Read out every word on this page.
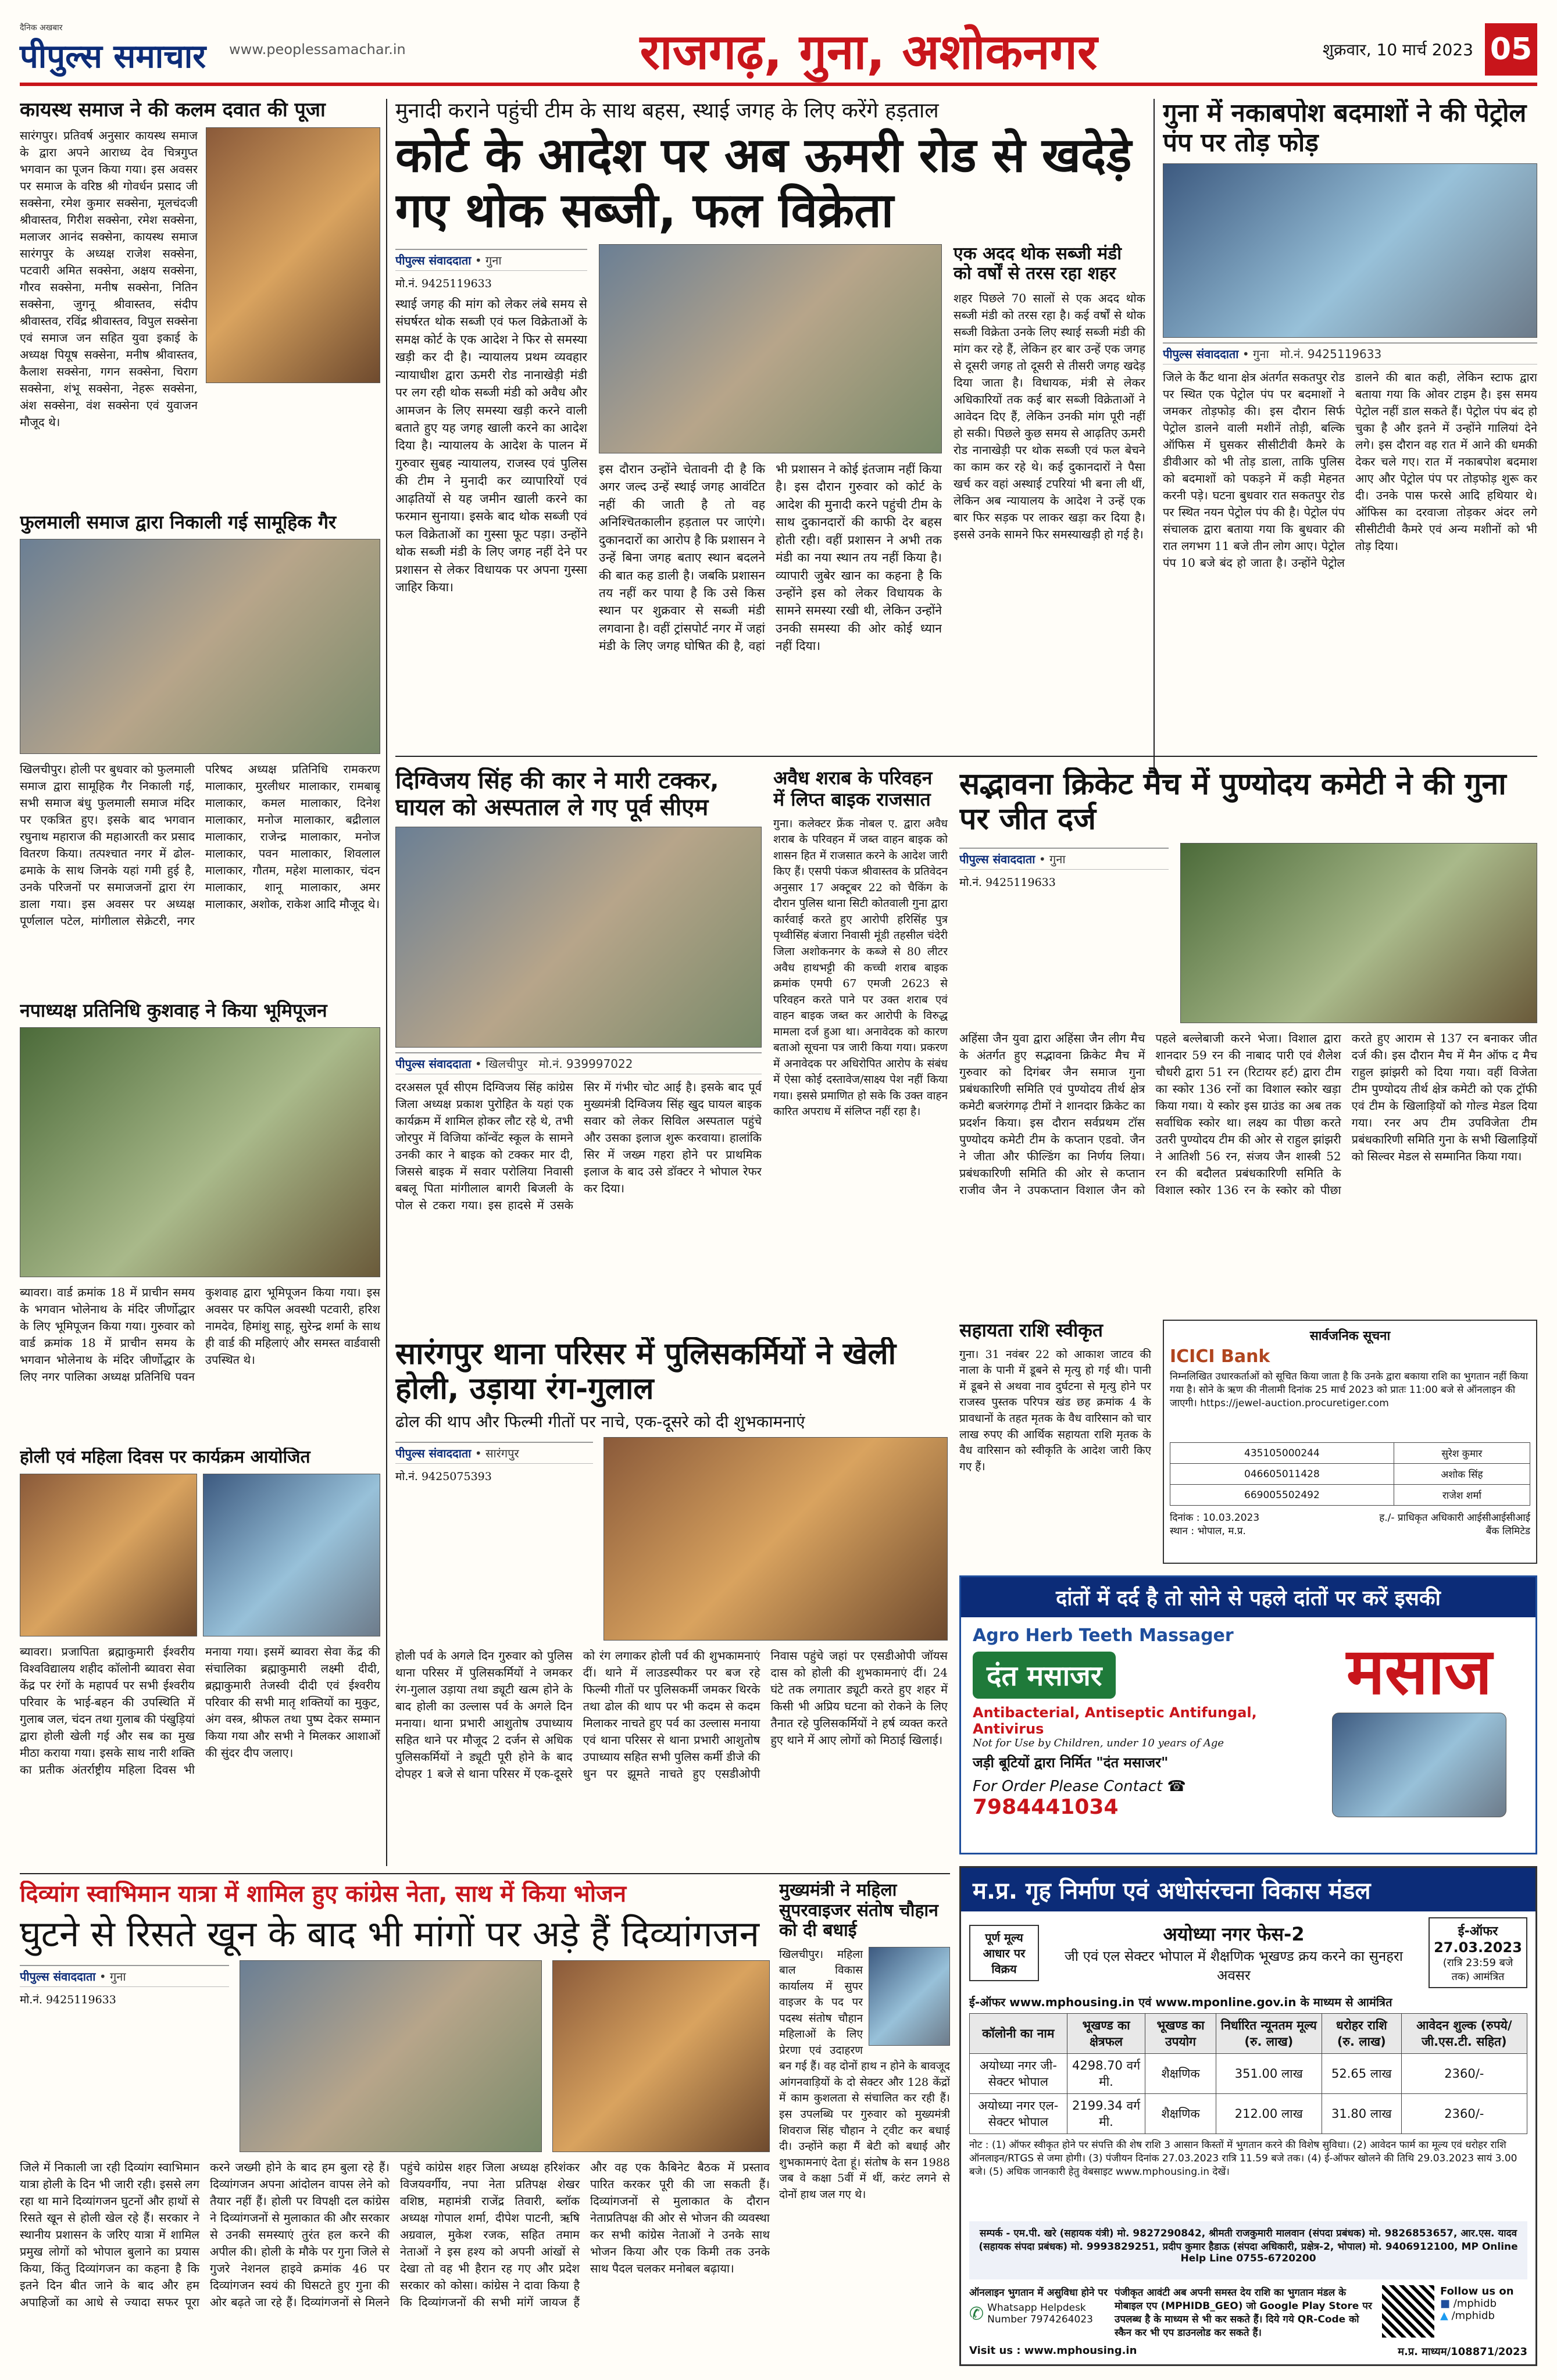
दैनिक अखबार
पीपुल्स समाचार	www.peoplessamachar.in	राजगढ़, गुना, अशोकनगर	शुक्रवार, 10 मार्च 2023 05
कायस्थ समाज ने की कलम दवात की पूजा

सारंगपुर। प्रतिवर्ष अनुसार कायस्थ समाज के द्वारा अपने आराध्य देव चित्रगुप्त भगवान का पूजन किया गया। इस अवसर पर समाज के वरिष्ठ श्री गोवर्धन प्रसाद जी सक्सेना, रमेश कुमार सक्सेना, मूलचंदजी श्रीवास्तव, गिरीश सक्सेना, रमेश सक्सेना, मलाजर आनंद सक्सेना, कायस्थ समाज सारंगपुर के अध्यक्ष राजेश सक्सेना, पटवारी अमित सक्सेना, अक्षय सक्सेना, गौरव सक्सेना, मनीष सक्सेना, नितिन सक्सेना, जुगनू श्रीवास्तव, संदीप श्रीवास्तव, रविंद्र श्रीवास्तव, विपुल सक्सेना एवं समाज जन सहित युवा इकाई के अध्यक्ष पियूष सक्सेना, मनीष श्रीवास्तव, कैलाश सक्सेना, गगन सक्सेना, चिराग सक्सेना, शंभू सक्सेना, नेहरू सक्सेना, अंश सक्सेना, वंश सक्सेना एवं युवाजन मौजूद थे।

फुलमाली समाज द्वारा निकाली गई सामूहिक गैर

खिलचीपुर। होली पर बुधवार को फुलमाली समाज द्वारा सामूहिक गैर निकाली गई, सभी समाज बंधु फुलमाली समाज मंदिर पर एकत्रित हुए। इसके बाद भगवान रघुनाथ महाराज की महाआरती कर प्रसाद वितरण किया। तत्पश्चात नगर में ढोल-ढमाके के साथ जिनके यहां गमी हुई है, उनके परिजनों पर समाजजनों द्वारा रंग डाला गया। इस अवसर पर अध्यक्ष पूर्णलाल पटेल, मांगीलाल सेक्रेटरी, नगर परिषद अध्यक्ष प्रतिनिधि रामकरण मालाकार, मुरलीधर मालाकार, रामबाबू मालाकार, कमल मालाकार, दिनेश मालाकार, मनोज मालाकार, बद्रीलाल मालाकार, राजेन्द्र मालाकार, मनोज मालाकार, पवन मालाकार, शिवलाल मालाकार, गौतम, महेश मालाकार, चंदन मालाकार, शानू मालाकार, अमर मालाकार, अशोक, राकेश आदि मौजूद थे।

नपाध्यक्ष प्रतिनिधि कुशवाह ने किया भूमिपूजन

ब्यावरा। वार्ड क्रमांक 18 में प्राचीन समय के भगवान भोलेनाथ के मंदिर जीर्णोद्धार के लिए भूमिपूजन किया गया। गुरुवार को वार्ड क्रमांक 18 में प्राचीन समय के भगवान भोलेनाथ के मंदिर जीर्णोद्धार के लिए नगर पालिका अध्यक्ष प्रतिनिधि पवन कुशवाह द्वारा भूमिपूजन किया गया। इस अवसर पर कपिल अवस्थी पटवारी, हरिश नामदेव, हिमांशु साहू, सुरेन्द्र शर्मा के साथ ही वार्ड की महिलाएं और समस्त वार्डवासी उपस्थित थे।

होली एवं महिला दिवस पर कार्यक्रम आयोजित

ब्यावरा। प्रजापिता ब्रह्माकुमारी ईश्वरीय विश्वविद्यालय शहीद कॉलोनी ब्यावरा सेवा केंद्र पर रंगों के महापर्व पर सभी ईश्वरीय परिवार के भाई-बहन की उपस्थिति में गुलाब जल, चंदन तथा गुलाब की पंखुड़ियां द्वारा होली खेली गई और सब का मुख मीठा कराया गया। इसके साथ नारी शक्ति का प्रतीक अंतर्राष्ट्रीय महिला दिवस भी मनाया गया। इसमें ब्यावरा सेवा केंद्र की संचालिका ब्रह्माकुमारी लक्ष्मी दीदी, ब्रह्माकुमारी तेजस्वी दीदी एवं ईश्वरीय परिवार की सभी मातृ शक्तियों का मुकुट, अंग वस्त्र, श्रीफल तथा पुष्प देकर सम्मान किया गया और सभी ने मिलकर आशाओं की सुंदर दीप जलाए।

मुनादी कराने पहुंची टीम के साथ बहस, स्थाई जगह के लिए करेंगे हड़ताल
कोर्ट के आदेश पर अब ऊमरी रोड से खदेड़े गए थोक सब्जी, फल विक्रेता
पीपुल्स संवाददाता • गुना
मो.नं. 9425119633

स्थाई जगह की मांग को लेकर लंबे समय से संघर्षरत थोक सब्जी एवं फल विक्रेताओं के समक्ष कोर्ट के एक आदेश ने फिर से समस्या खड़ी कर दी है। न्यायालय प्रथम व्यवहार न्यायाधीश द्वारा ऊमरी रोड नानाखेड़ी मंडी पर लग रही थोक सब्जी मंडी को अवैध और आमजन के लिए समस्या खड़ी करने वाली बताते हुए यह जगह खाली करने का आदेश दिया है। न्यायालय के आदेश के पालन में गुरुवार सुबह न्यायालय, राजस्व एवं पुलिस की टीम ने मुनादी कर व्यापारियों एवं आढ़तियों से यह जमीन खाली करने का फरमान सुनाया। इसके बाद थोक सब्जी एवं फल विक्रेताओं का गुस्सा फूट पड़ा। उन्होंने थोक सब्जी मंडी के लिए जगह नहीं देने पर प्रशासन से लेकर विधायक पर अपना गुस्सा जाहिर किया।

इस दौरान उन्होंने चेतावनी दी है कि अगर जल्द उन्हें स्थाई जगह आवंटित नहीं की जाती है तो वह अनिश्चितकालीन हड़ताल पर जाएंगे। दुकानदारों का आरोप है कि प्रशासन ने उन्हें बिना जगह बताए स्थान बदलने की बात कह डाली है। जबकि प्रशासन तय नहीं कर पाया है कि उसे किस स्थान पर शुक्रवार से सब्जी मंडी लगवाना है। वहीं ट्रांसपोर्ट नगर में जहां मंडी के लिए जगह घोषित की है, वहां भी प्रशासन ने कोई इंतजाम नहीं किया है। इस दौरान गुरुवार को कोर्ट के आदेश की मुनादी करने पहुंची टीम के साथ दुकानदारों की काफी देर बहस होती रही। वहीं प्रशासन ने अभी तक मंडी का नया स्थान तय नहीं किया है। व्यापारी जुबेर खान का कहना है कि उन्होंने इस को लेकर विधायक के सामने समस्या रखी थी, लेकिन उन्होंने उनकी समस्या की ओर कोई ध्यान नहीं दिया।

एक अदद थोक सब्जी मंडी को वर्षों से तरस रहा शहर

शहर पिछले 70 सालों से एक अदद थोक सब्जी मंडी को तरस रहा है। कई वर्षों से थोक सब्जी विक्रेता उनके लिए स्थाई सब्जी मंडी की मांग कर रहे हैं, लेकिन हर बार उन्हें एक जगह से दूसरी जगह तो दूसरी से तीसरी जगह खदेड़ दिया जाता है। विधायक, मंत्री से लेकर अधिकारियों तक कई बार सब्जी विक्रेताओं ने आवेदन दिए हैं, लेकिन उनकी मांग पूरी नहीं हो सकी। पिछले कुछ समय से आढ़तिए ऊमरी रोड नानाखेड़ी पर थोक सब्जी एवं फल बेचने का काम कर रहे थे। कई दुकानदारों ने पैसा खर्च कर वहां अस्थाई टपरियां भी बना ली थीं, लेकिन अब न्यायालय के आदेश ने उन्हें एक बार फिर सड़क पर लाकर खड़ा कर दिया है। इससे उनके सामने फिर समस्याखड़ी हो गई है।

गुना में नकाबपोश बदमाशों ने की पेट्रोल पंप पर तोड़ फोड़
पीपुल्स संवाददाता • गुना मो.नं. 9425119633

जिले के कैंट थाना क्षेत्र अंतर्गत सकतपुर रोड पर स्थित एक पेट्रोल पंप पर बदमाशों ने जमकर तोड़फोड़ की। इस दौरान सिर्फ पेट्रोल डालने वाली मशीनें तोड़ी, बल्कि ऑफिस में घुसकर सीसीटीवी कैमरे के डीवीआर को भी तोड़ डाला, ताकि पुलिस को बदमाशों को पकड़ने में कड़ी मेहनत करनी पड़े। घटना बुधवार रात सकतपुर रोड पर स्थित नयन पेट्रोल पंप की है। पेट्रोल पंप संचालक द्वारा बताया गया कि बुधवार की रात लगभग 11 बजे तीन लोग आए। पेट्रोल पंप 10 बजे बंद हो जाता है। उन्होंने पेट्रोल डालने की बात कही, लेकिन स्टाफ द्वारा बताया गया कि ओवर टाइम है। इस समय पेट्रोल नहीं डाल सकते हैं। पेट्रोल पंप बंद हो चुका है और इतने में उन्होंने गालियां देने लगे। इस दौरान वह रात में आने की धमकी देकर चले गए। रात में नकाबपोश बदमाश आए और पेट्रोल पंप पर तोड़फोड़ शुरू कर दी। उनके पास फरसे आदि हथियार थे। ऑफिस का दरवाजा तोड़कर अंदर लगे सीसीटीवी कैमरे एवं अन्य मशीनों को भी तोड़ दिया।

दिग्विजय सिंह की कार ने मारी टक्कर, घायल को अस्पताल ले गए पूर्व सीएम
पीपुल्स संवाददाता • खिलचीपुर मो.नं. 939997022

दरअसल पूर्व सीएम दिग्विजय सिंह कांग्रेस जिला अध्यक्ष प्रकाश पुरोहित के यहां एक कार्यक्रम में शामिल होकर लौट रहे थे, तभी जोरपुर में विजिया कॉन्वेंट स्कूल के सामने उनकी कार ने बाइक को टक्कर मार दी, जिससे बाइक में सवार परोलिया निवासी बबलू पिता मांगीलाल बागरी बिजली के पोल से टकरा गया। इस हादसे में उसके सिर में गंभीर चोट आई है। इसके बाद पूर्व मुख्यमंत्री दिग्विजय सिंह खुद घायल बाइक सवार को लेकर सिविल अस्पताल पहुंचे और उसका इलाज शुरू करवाया। हालांकि सिर में जख्म गहरा होने पर प्राथमिक इलाज के बाद उसे डॉक्टर ने भोपाल रेफर कर दिया।

अवैध शराब के परिवहन में लिप्त बाइक राजसात

गुना। कलेक्टर फ्रेंक नोबल ए. द्वारा अवैध शराब के परिवहन में जब्त वाहन बाइक को शासन हित में राजसात करने के आदेश जारी किए हैं। एसपी पंकज श्रीवास्तव के प्रतिवेदन अनुसार 17 अक्टूबर 22 को चैकिंग के दौरान पुलिस थाना सिटी कोतवाली गुना द्वारा कार्रवाई करते हुए आरोपी हरिसिंह पुत्र पृथ्वीसिंह बंजारा निवासी मूंडी तहसील चंदेरी जिला अशोकनगर के कब्जे से 80 लीटर अवैध हाथभट्टी की कच्ची शराब बाइक क्रमांक एमपी 67 एमजी 2623 से परिवहन करते पाने पर उक्त शराब एवं वाहन बाइक जब्त कर आरोपी के विरुद्ध मामला दर्ज हुआ था। अनावेदक को कारण बताओ सूचना पत्र जारी किया गया। प्रकरण में अनावेदक पर अधिरोपित आरोप के संबंध में ऐसा कोई दस्तावेज/साक्ष्य पेश नहीं किया गया। इससे प्रमाणित हो सके कि उक्त वाहन कारित अपराध में संलिप्त नहीं रहा है।

सद्भावना क्रिकेट मैच में पुण्योदय कमेटी ने की गुना पर जीत दर्ज
पीपुल्स संवाददाता • गुना
मो.नं. 9425119633

अहिंसा जैन युवा द्वारा अहिंसा जैन लीग मैच के अंतर्गत हुए सद्भावना क्रिकेट मैच में गुरुवार को दिगंबर जैन समाज गुना प्रबंधकारिणी समिति एवं पुण्योदय तीर्थ क्षेत्र कमेटी बजरंगगढ़ टीमों ने शानदार क्रिकेट का प्रदर्शन किया। इस दौरान सर्वप्रथम टॉस पुण्योदय कमेटी टीम के कप्तान एडवो. जैन ने जीता और फील्डिंग का निर्णय लिया। प्रबंधकारिणी समिति की ओर से कप्तान राजीव जैन ने उपकप्तान विशाल जैन को पहले बल्लेबाजी करने भेजा। विशाल द्वारा शानदार 59 रन की नाबाद पारी एवं शैलेश चौधरी द्वारा 51 रन (रिटायर हर्ट) द्वारा टीम का स्कोर 136 रनों का विशाल स्कोर खड़ा किया गया। ये स्कोर इस ग्राउंड का अब तक सर्वाधिक स्कोर था। लक्ष्य का पीछा करते उतरी पुण्योदय टीम की ओर से राहुल झांझरी ने आतिशी 56 रन, संजय जैन शास्त्री 52 रन की बदौलत प्रबंधकारिणी समिति के विशाल स्कोर 136 रन के स्कोर को पीछा करते हुए आराम से 137 रन बनाकर जीत दर्ज की। इस दौरान मैच में मैन ऑफ द मैच राहुल झांझरी को दिया गया। वहीं विजेता टीम पुण्योदय तीर्थ क्षेत्र कमेटी को एक ट्रॉफी एवं टीम के खिलाड़ियों को गोल्ड मेडल दिया गया। रनर अप टीम उपविजेता टीम प्रबंधकारिणी समिति गुना के सभी खिलाड़ियों को सिल्वर मेडल से सम्मानित किया गया।

सहायता राशि स्वीकृत

गुना। 31 नवंबर 22 को आकाश जाटव की नाला के पानी में डूबने से मृत्यु हो गई थी। पानी में डूबने से अथवा नाव दुर्घटना से मृत्यु होने पर राजस्व पुस्तक परिपत्र खंड छह क्रमांक 4 के प्रावधानों के तहत मृतक के वैध वारिसान को चार लाख रुपए की आर्थिक सहायता राशि मृतक के वैध वारिसान को स्वीकृति के आदेश जारी किए गए हैं।

सार्वजनिक सूचना
ICICI Bank
निम्नलिखित उधारकर्ताओं को सूचित किया जाता है कि उनके द्वारा बकाया राशि का भुगतान नहीं किया गया है। सोने के ऋण की नीलामी दिनांक 25 मार्च 2023 को प्रातः 11:00 बजे से ऑनलाइन की जाएगी। https://jewel-auction.procuretiger.com
435105000244	सुरेश कुमार
046605011428	अशोक सिंह
669005502492	राजेश शर्मा
दिनांक : 10.03.2023
स्थान : भोपाल, म.प्र.
ह./- प्राधिकृत अधिकारी आईसीआईसीआई बैंक लिमिटेड
सारंगपुर थाना परिसर में पुलिसकर्मियों ने खेली होली, उड़ाया रंग-गुलाल
ढोल की थाप और फिल्मी गीतों पर नाचे, एक-दूसरे को दी शुभकामनाएं
पीपुल्स संवाददाता • सारंगपुर
मो.नं. 9425075393

होली पर्व के अगले दिन गुरुवार को पुलिस थाना परिसर में पुलिसकर्मियों ने जमकर रंग-गुलाल उड़ाया तथा ड्यूटी खत्म होने के बाद होली का उल्लास पर्व के अगले दिन मनाया। थाना प्रभारी आशुतोष उपाध्याय सहित थाने पर मौजूद 2 दर्जन से अधिक पुलिसकर्मियों ने ड्यूटी पूरी होने के बाद दोपहर 1 बजे से थाना परिसर में एक-दूसरे को रंग लगाकर होली पर्व की शुभकामनाएं दीं। थाने में लाउडस्पीकर पर बज रहे फिल्मी गीतों पर पुलिसकर्मी जमकर थिरके तथा ढोल की थाप पर भी कदम से कदम मिलाकर नाचते हुए पर्व का उल्लास मनाया एवं थाना परिसर से थाना प्रभारी आशुतोष उपाध्याय सहित सभी पुलिस कर्मी डीजे की धुन पर झूमते नाचते हुए एसडीओपी निवास पहुंचे जहां पर एसडीओपी जॉयस दास को होली की शुभकामनाएं दीं। 24 घंटे तक लगातार ड्यूटी करते हुए शहर में किसी भी अप्रिय घटना को रोकने के लिए तैनात रहे पुलिसकर्मियों ने हर्ष व्यक्त करते हुए थाने में आए लोगों को मिठाई खिलाई।

दांतों में दर्द है तो सोने से पहले दांतों पर करें इसकी
Agro Herb Teeth Massager
दंत मसाजर
Antibacterial, Antiseptic Antifungal, Antivirus
Not for Use by Children, under 10 years of Age
जड़ी बूटियों द्वारा निर्मित "दंत मसाजर"
For Order Please Contact ☎ 7984441034
मसाज
दिव्यांग स्वाभिमान यात्रा में शामिल हुए कांग्रेस नेता, साथ में किया भोजन
घुटने से रिसते खून के बाद भी मांगों पर अड़े हैं दिव्यांगजन
पीपुल्स संवाददाता • गुना
मो.नं. 9425119633

जिले में निकाली जा रही दिव्यांग स्वाभिमान यात्रा होली के दिन भी जारी रही। इससे लग रहा था माने दिव्यांगजन घुटनों और हाथों से रिसते खून से होली खेल रहे हैं। सरकार ने स्थानीय प्रशासन के जरिए यात्रा में शामिल प्रमुख लोगों को भोपाल बुलाने का प्रयास किया, किंतु दिव्यांगजन का कहना है कि इतने दिन बीत जाने के बाद और हम अपाहिजों का आधे से ज्यादा सफर पूरा करने जख्मी होने के बाद हम बुला रहे हैं। दिव्यांगजन अपना आंदोलन वापस लेने को तैयार नहीं हैं। होली पर विपक्षी दल कांग्रेस ने दिव्यांगजनों से मुलाकात की और सरकार से उनकी समस्याएं तुरंत हल करने की अपील की। होली के मौके पर गुना जिले से गुजरे नेशनल हाइवे क्रमांक 46 पर दिव्यांगजन स्वयं की घिसटते हुए गुना की ओर बढ़ते जा रहे हैं। दिव्यांगजनों से मिलने पहुंचे कांग्रेस शहर जिला अध्यक्ष हरिशंकर विजयवर्गीय, नपा नेता प्रतिपक्ष शेखर वशिष्ठ, महामंत्री राजेंद्र तिवारी, ब्लॉक अध्यक्ष गोपाल शर्मा, दीपेश पाटनी, ऋषि अग्रवाल, मुकेश रजक, सहित तमाम नेताओं ने इस हश्य को अपनी आंखों से देखा तो वह भी हैरान रह गए और प्रदेश सरकार को कोसा। कांग्रेस ने दावा किया है कि दिव्यांगजनों की सभी मांगें जायज हैं और वह एक कैबिनेट बैठक में प्रस्ताव पारित करकर पूरी की जा सकती हैं। दिव्यांगजनों से मुलाकात के दौरान नेताप्रतिपक्ष की ओर से भोजन की व्यवस्था कर सभी कांग्रेस नेताओं ने उनके साथ भोजन किया और एक किमी तक उनके साथ पैदल चलकर मनोबल बढ़ाया।

मुख्यमंत्री ने महिला सुपरवाइजर संतोष चौहान को दी बधाई

खिलचीपुर। महिला बाल विकास कार्यालय में सुपर वाइजर के पद पर पदस्थ संतोष चौहान महिलाओं के लिए प्रेरणा एवं उदाहरण बन गई हैं। वह दोनों हाथ न होने के बावजूद आंगनवाड़ियों के दो सेक्टर और 128 केंद्रों में काम कुशलता से संचालित कर रही हैं। इस उपलब्धि पर गुरुवार को मुख्यमंत्री शिवराज सिंह चौहान ने ट्वीट कर बधाई दी। उन्होंने कहा मैं बेटी को बधाई और शुभकामनाएं देता हूं। संतोष के सन 1988 जब वे कक्षा 5वीं में थीं, करंट लगने से दोनों हाथ जल गए थे।

म.प्र. गृह निर्माण एवं अधोसंरचना विकास मंडल
पूर्ण मूल्य आधार पर विक्रय
अयोध्या नगर फेस-2
जी एवं एल सेक्टर भोपाल में शैक्षणिक भूखण्ड क्रय करने का सुनहरा अवसर
ई-ऑफर
27.03.2023
(रात्रि 23:59 बजे तक) आमंत्रित
ई-ऑफर www.mphousing.in एवं www.mponline.gov.in के माध्यम से आमंत्रित
कॉलोनी का नाम	भूखण्ड का क्षेत्रफल	भूखण्ड का उपयोग	निर्धारित न्यूनतम मूल्य (रु. लाख)	धरोहर राशि (रु. लाख)	आवेदन शुल्क (रुपये/जी.एस.टी. सहित)
अयोध्या नगर जी-सेक्टर भोपाल	4298.70 वर्ग मी.	शैक्षणिक	351.00 लाख	52.65 लाख	2360/-
अयोध्या नगर एल-सेक्टर भोपाल	2199.34 वर्ग मी.	शैक्षणिक	212.00 लाख	31.80 लाख	2360/-
नोट : (1) ऑफर स्वीकृत होने पर संपत्ति की शेष राशि 3 आसान किस्तों में भुगतान करने की विशेष सुविधा। (2) आवेदन फार्म का मूल्य एवं धरोहर राशि ऑनलाइन/RTGS से जमा होगी। (3) पंजीयन दिनांक 27.03.2023 रात्रि 11.59 बजे तक। (4) ई-ऑफर खोलने की तिथि 29.03.2023 सायं 3.00 बजे। (5) अधिक जानकारी हेतु वेबसाइट www.mphousing.in देखें।
सम्पर्क - एम.पी. खरे (सहायक यंत्री) मो. 9827290842, श्रीमती राजकुमारी मालवान (संपदा प्रबंधक) मो. 9826853657, आर.एस. यादव (सहायक संपदा प्रबंधक) मो. 9993829251, प्रदीप कुमार हैडाऊ (संपदा अधिकारी, प्रक्षेत्र-2, भोपाल) मो. 9406912100, MP Online Help Line 0755-6720200
ऑनलाइन भुगतान में असुविधा होने पर
✆ Whatsapp Helpdesk Number 7974264023
पंजीकृत आवंटी अब अपनी समस्त देय राशि का भुगतान मंडल के मोबाइल एप (MPHIDB_GEO) जो Google Play Store पर उपलब्ध है के माध्यम से भी कर सकते हैं। दिये गये QR-Code को स्कैन कर भी एप डाउनलोड कर सकते हैं।
Follow us on
■ /mphidb
▲ /mphidb
Visit us : www.mphousing.in	म.प्र. माध्यम/108871/2023
